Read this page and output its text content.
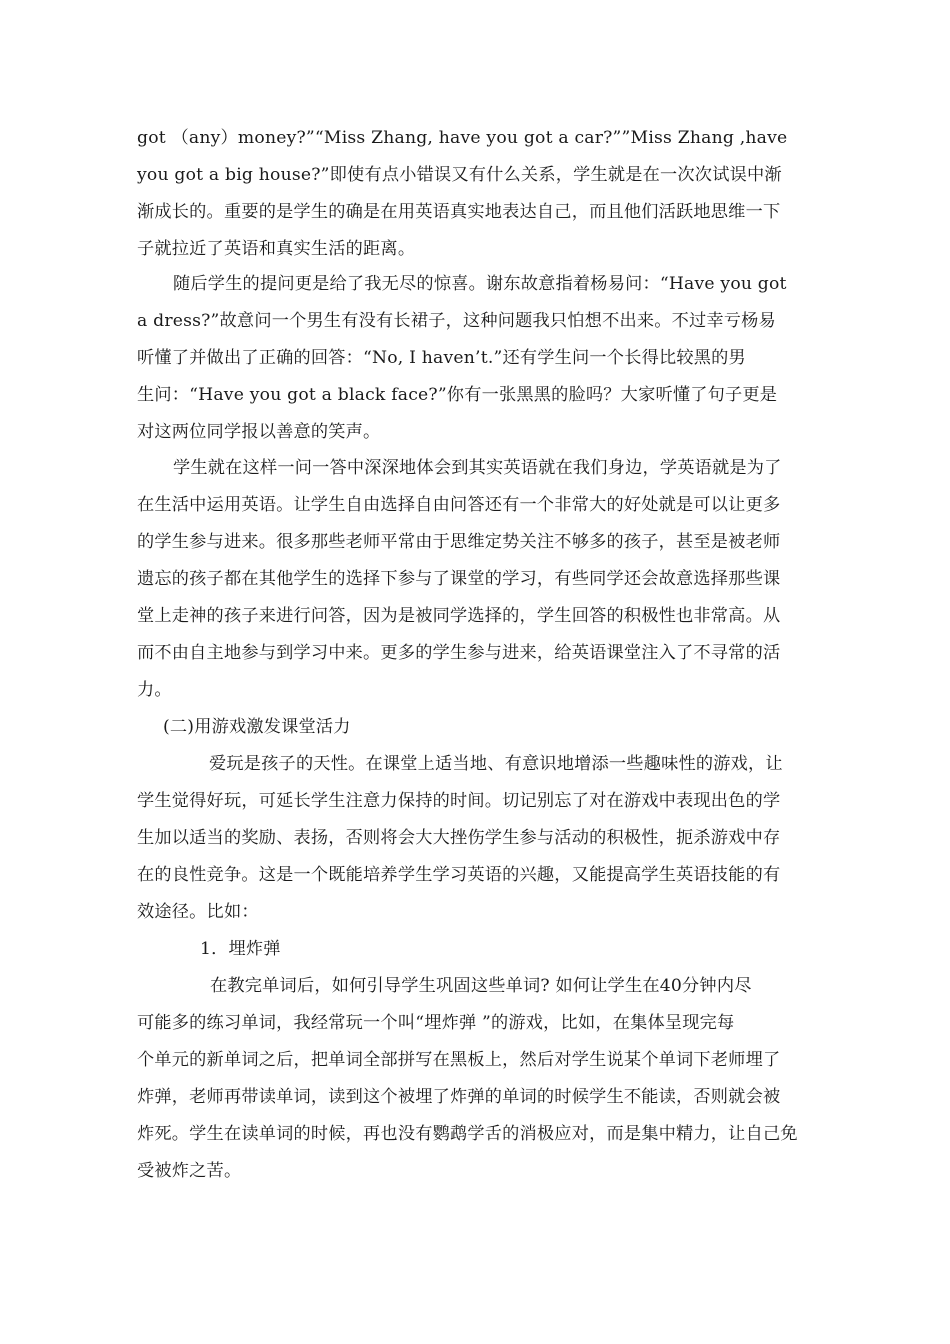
got （any）money?”“Miss Zhang, have you got a car?””Miss Zhang ,have
you got a big house?”即使有点小错误又有什么关系，学生就是在一次次试误中渐
渐成长的。重要的是学生的确是在用英语真实地表达自己，而且他们活跃地思维一下
子就拉近了英语和真实生活的距离。
随后学生的提问更是给了我无尽的惊喜。谢东故意指着杨易问：“Have you got
a dress?”故意问一个男生有没有长裙子，这种问题我只怕想不出来。不过幸亏杨易
听懂了并做出了正确的回答：“No, I haven’t.”还有学生问一个长得比较黑的男
生问：“Have you got a black face?”你有一张黑黑的脸吗？大家听懂了句子更是
对这两位同学报以善意的笑声。
学生就在这样一问一答中深深地体会到其实英语就在我们身边，学英语就是为了
在生活中运用英语。让学生自由选择自由问答还有一个非常大的好处就是可以让更多
的学生参与进来。很多那些老师平常由于思维定势关注不够多的孩子，甚至是被老师
遗忘的孩子都在其他学生的选择下参与了课堂的学习，有些同学还会故意选择那些课
堂上走神的孩子来进行问答，因为是被同学选择的，学生回答的积极性也非常高。从
而不由自主地参与到学习中来。更多的学生参与进来，给英语课堂注入了不寻常的活
力。
(二)用游戏激发课堂活力
爱玩是孩子的天性。在课堂上适当地、有意识地增添一些趣味性的游戏，让
学生觉得好玩，可延长学生注意力保持的时间。切记别忘了对在游戏中表现出色的学
生加以适当的奖励、表扬，否则将会大大挫伤学生参与活动的积极性，扼杀游戏中存
在的良性竞争。这是一个既能培养学生学习英语的兴趣，又能提高学生英语技能的有
效途径。比如：
1．埋炸弹
在教完单词后，如何引导学生巩固这些单词? 如何让学生在40分钟内尽
可能多的练习单词，我经常玩一个叫“埋炸弹 ”的游戏，比如，在集体呈现完每
个单元的新单词之后，把单词全部拼写在黑板上，然后对学生说某个单词下老师埋了
炸弹，老师再带读单词，读到这个被埋了炸弹的单词的时候学生不能读，否则就会被
炸死。学生在读单词的时候，再也没有鹦鹉学舌的消极应对，而是集中精力，让自己免
受被炸之苦。
